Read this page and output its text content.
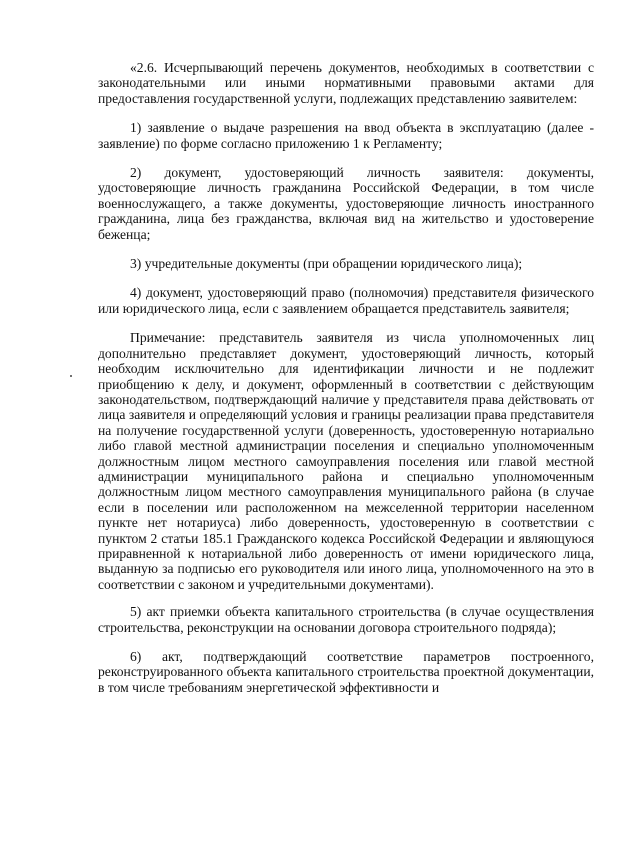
«2.6. Исчерпывающий перечень документов, необходимых в соответствии с законодательными или иными нормативными правовыми актами для предоставления государственной услуги, подлежащих представлению заявителем:

1) заявление о выдаче разрешения на ввод объекта в эксплуатацию (далее - заявление) по форме согласно приложению 1 к Регламенту;

2) документ, удостоверяющий личность заявителя: документы, удостоверяющие личность гражданина Российской Федерации, в том числе военнослужащего, а также документы, удостоверяющие личность иностранного гражданина, лица без гражданства, включая вид на жительство и удостоверение беженца;

3) учредительные документы (при обращении юридического лица);

4) документ, удостоверяющий право (полномочия) представителя физического или юридического лица, если с заявлением обращается представитель заявителя;

Примечание: представитель заявителя из числа уполномоченных лиц дополнительно представляет документ, удостоверяющий личность, который необходим исключительно для идентификации личности и не подлежит приобщению к делу, и документ, оформленный в соответствии с действующим законодательством, подтверждающий наличие у представителя права действовать от лица заявителя и определяющий условия и границы реализации права представителя на получение государственной услуги (доверенность, удостоверенную нотариально либо главой местной администрации поселения и специально уполномоченным должностным лицом местного самоуправления поселения или главой местной администрации муниципального района и специально уполномоченным должностным лицом местного самоуправления муниципального района (в случае если в поселении или расположенном на межселенной территории населенном пункте нет нотариуса) либо доверенность, удостоверенную в соответствии с пунктом 2 статьи 185.1 Гражданского кодекса Российской Федерации и являющуюся приравненной к нотариальной либо доверенность от имени юридического лица, выданную за подписью его руководителя или иного лица, уполномоченного на это в соответствии с законом и учредительными документами).

5) акт приемки объекта капитального строительства (в случае осуществления строительства, реконструкции на основании договора строительного подряда);

6) акт, подтверждающий соответствие параметров построенного, реконструированного объекта капитального строительства проектной документации, в том числе требованиям энергетической эффективности и
